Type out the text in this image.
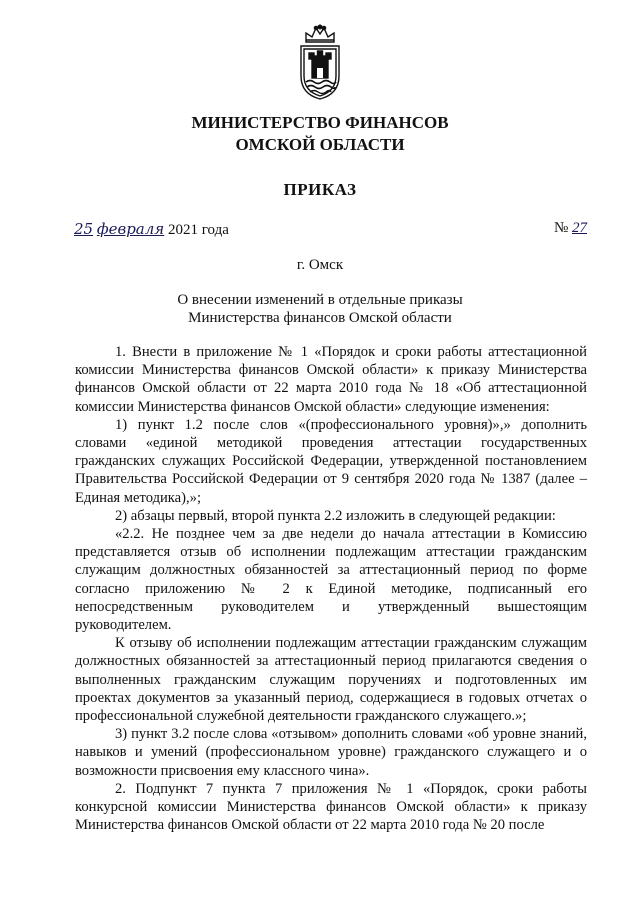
МИНИСТЕРСТВО ФИНАНСОВ
ОМСКОЙ ОБЛАСТИ
ПРИКАЗ
25 февраля 2021 года	№ 27
г. Омск
О внесении изменений в отдельные приказы
Министерства финансов Омской области

1. Внести в приложение № 1 «Порядок и сроки работы аттестационной комиссии Министерства финансов Омской области» к приказу Министерства финансов Омской области от 22 марта 2010 года № 18 «Об аттестационной комиссии Министерства финансов Омской области» следующие изменения:

1) пункт 1.2 после слов «(профессионального уровня)»,» дополнить словами «единой методикой проведения аттестации государственных гражданских служащих Российской Федерации, утвержденной постановлением Правительства Российской Федерации от 9 сентября 2020 года № 1387 (далее – Единая методика),»;

2) абзацы первый, второй пункта 2.2 изложить в следующей редакции:

«2.2. Не позднее чем за две недели до начала аттестации в Комиссию представляется отзыв об исполнении подлежащим аттестации гражданским служащим должностных обязанностей за аттестационный период по форме согласно приложению № 2 к Единой методике, подписанный его непосредственным руководителем и утвержденный вышестоящим руководителем.

К отзыву об исполнении подлежащим аттестации гражданским служащим должностных обязанностей за аттестационный период прилагаются сведения о выполненных гражданским служащим поручениях и подготовленных им проектах документов за указанный период, содержащиеся в годовых отчетах о профессиональной служебной деятельности гражданского служащего.»;

3) пункт 3.2 после слова «отзывом» дополнить словами «об уровне знаний, навыков и умений (профессиональном уровне) гражданского служащего и о возможности присвоения ему классного чина».

2. Подпункт 7 пункта 7 приложения № 1 «Порядок, сроки работы конкурсной комиссии Министерства финансов Омской области» к приказу Министерства финансов Омской области от 22 марта 2010 года № 20 после
